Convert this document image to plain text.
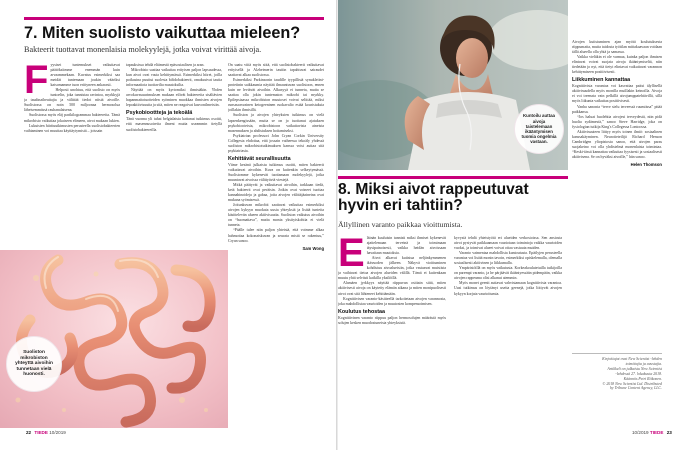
7. Miten suolisto vaikuttaa mieleen?
Bakteerit tuottavat monenlaisia molekyylejä, jotka voivat virittää aivoja.
F yysiset tuntemukset vaikuttavat päätöksiimme enemmän kuin arvaammekaan. Kuvatus esimerkiksi saa meidät tuntemaan joukin vääriksi katsomamme tuon erittyneen ankarasti.

Helposti unohtuu, että suolisto on myös tuntoelin, joka tunnistaa ravintoa, myrkkyjä ja taudinaiheuttajia ja välittää tiedot niistä aivoille. Suolistossa on noin 500 miljoonaa hermosolua läheisemmässä rauhanalaisena.

Suolistossa myös eläj parikilogrammaa bakteereita. Tämä mikrobisto vaikuttaa jokaiseen elimeen, aivot mukaan lukien.

Lukuisten hiirituutkimusten perusteella suolistobakteerien vaihtaminen voi muuttaa käyttäytymistä – joissain

tapauksissa tehdä eläimestä epäsosiaalisen ja aran.

Mikrobisto saattaa vaikuttaa erityisen paljon lapsuudessa, kun aivot ovat vasta kehittymässä. Esimerkiksi hiiret, joilla poikasina puuttui suolesta bifidobakteerit, omaksuivat tautia informaatiota tuottavilta muutoksilta.

Näyttää on myös kyrtomiksi ihmistäkin. Yhden arvokuvasuurimuksen mukaan eilivät bakteereita sisältävien hapanmaitotuotteiden syöminen muokkaa ihmisten aivojen lepoaktiivisuutta ja sitä, miten ne reagoivat kasvonilmeisiin.

Psykobioottteja ja tekoälä

Tänä vuonna yli tuhat belgialaista kattanut tutkimus osoitti, että masennusoireita ilmeni muita useammin tietyllä suolistobakteereilla.

On saatu viitä myös siitä, että suolistobakteerit vaikuttavat erityisellä ja Alzheimerin tautiin tapahtuvat sairaudet saattavat alkaa suolistossa.

Esimerkiksi Parkinsonin taudille tyypillistä synukleiini-proteiinin saikkaumia näyttää ilmaantuvan suolistoon, ennen kuin ne leviävät aivoihin. Alkusyyä ei tunneta, mutta se saattaa olla jokin tuntematon mikrobi tai myrkky. Epilepsiaassa mikrobiston muutoset voivat selittää, miksi runsasrasvainen ketogeeninen ruokavalio estää kouristuksia joillakin ihmisillä.

Suoliston ja aivojen yhteyksien tutkimus on vielä lapsenkengissään, mutta se on jo tuottanut ajatuksen psykobiooteista, mikrobistoon vaikuttavista aineista masennuksen ja ahdistuksen hoitamiseksi.

Psykiatrian professori John Cryan Corkin University Collegesta ehdottaa, että jossain vaiheessa tekoäly yhdessä suoliston mikrobistotutkimuksen kanssa voisi auttaa sitä psykiatriasia.

Kehittävät seurallisuutta

Viime kesänä julkaistu tutkimus osoitti, miten bakteerit vaikuttavat aivoihin. Kuva on kuitenkin selkeytymässä. Suolistomme kykenevät tuottamaan molekyylejä, jotka muuntavat aivoissa välittyäviä viestejä.

Mitkä päätyvät ja vaikuttavat aivoihin, tarkkaan tiedä, ketä bakteerit ovat peräisin. Jotkin ovat voineet tuottaa kannabinoideja ja gabaa, joita aivojen välittäjäaineina ovat mukana syömisessä.

Joitunkuvan mikrobit saattavat vaikuttaa esimerkiksi aivojen kykyyn muokata uusia yhteyksiä ja lisätä tunteita käsittelevän alueen aktiivisuutta. Suoliston vaikutus aivoihin on “huomattava”, mutta monia yksityiskohtia ei vielä tunneta.

“Päälle tulee niin paljon yhteistä, että voimme alkaa hahmottaa kokonaiskuvan ja seurata mistä se rakentuu,” Cryan sanoo.

Sam Wong
Suoliston mikrobiston yhteyttä aivoihin tunnetaan vielä huonosti.
22 TIEDE 10/2019
Kuntoilu auttaa aivoja taistelemaan ikääntymisen tuomia ongelmia vastaan.
8. Miksi aivot rappeutuvat hyvin eri tahtiin?
Ällyllinen varanto paikkaa vioittumista.
E läinän kuuluisin tunnisti miksi ihmiset kykenevät ajattelemaan terveinä ja toimimaan täysipainoisesti, vaikka heidän aivoissaan havaitaan muutoksia.

Aivot alkavat kutistua neljänkymmenen ikävuoden jälkeen. Näkyvä vioittuminen kohdistuu aivoalueisiin, jotka vastaavat muistista ja vaihtavat tietoa aivojen alueiden välillä. Tämä ei kuitenkaan muutu yhtä selvästi kaikilla yksilöillä.

Alamäen jyrkkyys näyttää riippuvan osittain siitä, miten aktiivisesti aivoja on käytetty elämän aikana ja miten monipuolisesti aivot ovat sitä lähteneet kehittämään.

Kognitiivisen varanto-käsitteellä tarkoitetaan aivojen varannosta, joka mahdollistaa vaurioiden ja muutosten kompensoimisen.

Koulutus tehostaa

Kognitiivinen varanto riippuu paljon hermosolujen määrästä myös solujen kesken muodostuneista yhteyksistä.

kyvystä tehdä yhteistyötä eri alueiden verkostoissa. Sen ansiosta aivot pystyvät paikkaamaan vauriotaan toimintoja vaikka vaurioiden vuoksi, ja toimivat alueet voivat ottaa vastuuta muiden.

Varanto vaimentaa mahdollista kuntoutusta. Epäilyjen perusteella varantoa voi lisätä monin tavoin, esimerkiksi opiskelemalla, olemalla sosiaalisesti aktiivinen ja liikkumalla.

Ympäristöillä on myös vaikutusta. Korkeakoulutetuilla tutkijoilla on parempi varanto, ja he pärjäävät ikääntyessään pidempään, vaikka aivojen rappeuma olisi alkanut aiemmin.

Myös monet geenit auttavat vahvistamaan kognitiivista varantoa. Uusi tutkimus on löytänyt useita geenejä, jotka liittyvät aivojen kykyyn korjata vaurioitumia.

Aivojen kutistuminen ajan myötä koulutuksesta riippumatta, mutta taidosta työtilan mittakaavaan voidaan tällä alueella olla yhtä ja samassa.

Vaikka vieläkin ei ole varmaa, kuinka paljon ihmisen elintavat voivat suojata aivoja ikääntymiseltä, niin tiedetään jo nyt, että tietyt elintavat vaikuttavat varannon kehittymiseen positiivisesti.

Liikkuminen kannattaa

Kognitiivista varantoa voi kasvattaa paitsi älyllisellä aktiivisuudella myös monilla muillakin keinoilla. Aivoja ei voi treenata vain pelkillä aivojumppatehtävillä, sillä myös liikunta vaikuttaa positiivisesti.

Vanha sanonta “terve sielu terveessä ruumiissa” pitää paikkansa.

“Jos haluat huolehtia aivojesi terveydestä, niin pidä huolta sydämestä,” sanoo Steve Harridge, joka on fysiologian tutkija King's Collegessa Lontoossa.

Aktiivisuuteen liittyy myös toinen ilmiö: sosiaalinen kanssakäyminen. Neurotieteilijä Richard Henson Cambridgen yliopistosta sanoo, että aivojen paras suojakeino voi olla yhdistelmä monenlaista toimintaa. “Keski-iässä kannattaa vaikuttaa fyysisesti ja sosiaalisesti aktiivisena. Se on hyväksi aivoille,” hän sanoo.

Helen Thomson
Kirjoittajat ovat New Scientist -lehden
toimittajia ja avustajia.
Artikkeli on julkaistu New Scientist
-lehdessä 27. lokakuuta 2018.
Käännös Petri Riikonen.
© 2018 New Scientist Ltd. Distributed
by Tribune Content Agency, LLC.
10/2019 TIEDE 23
